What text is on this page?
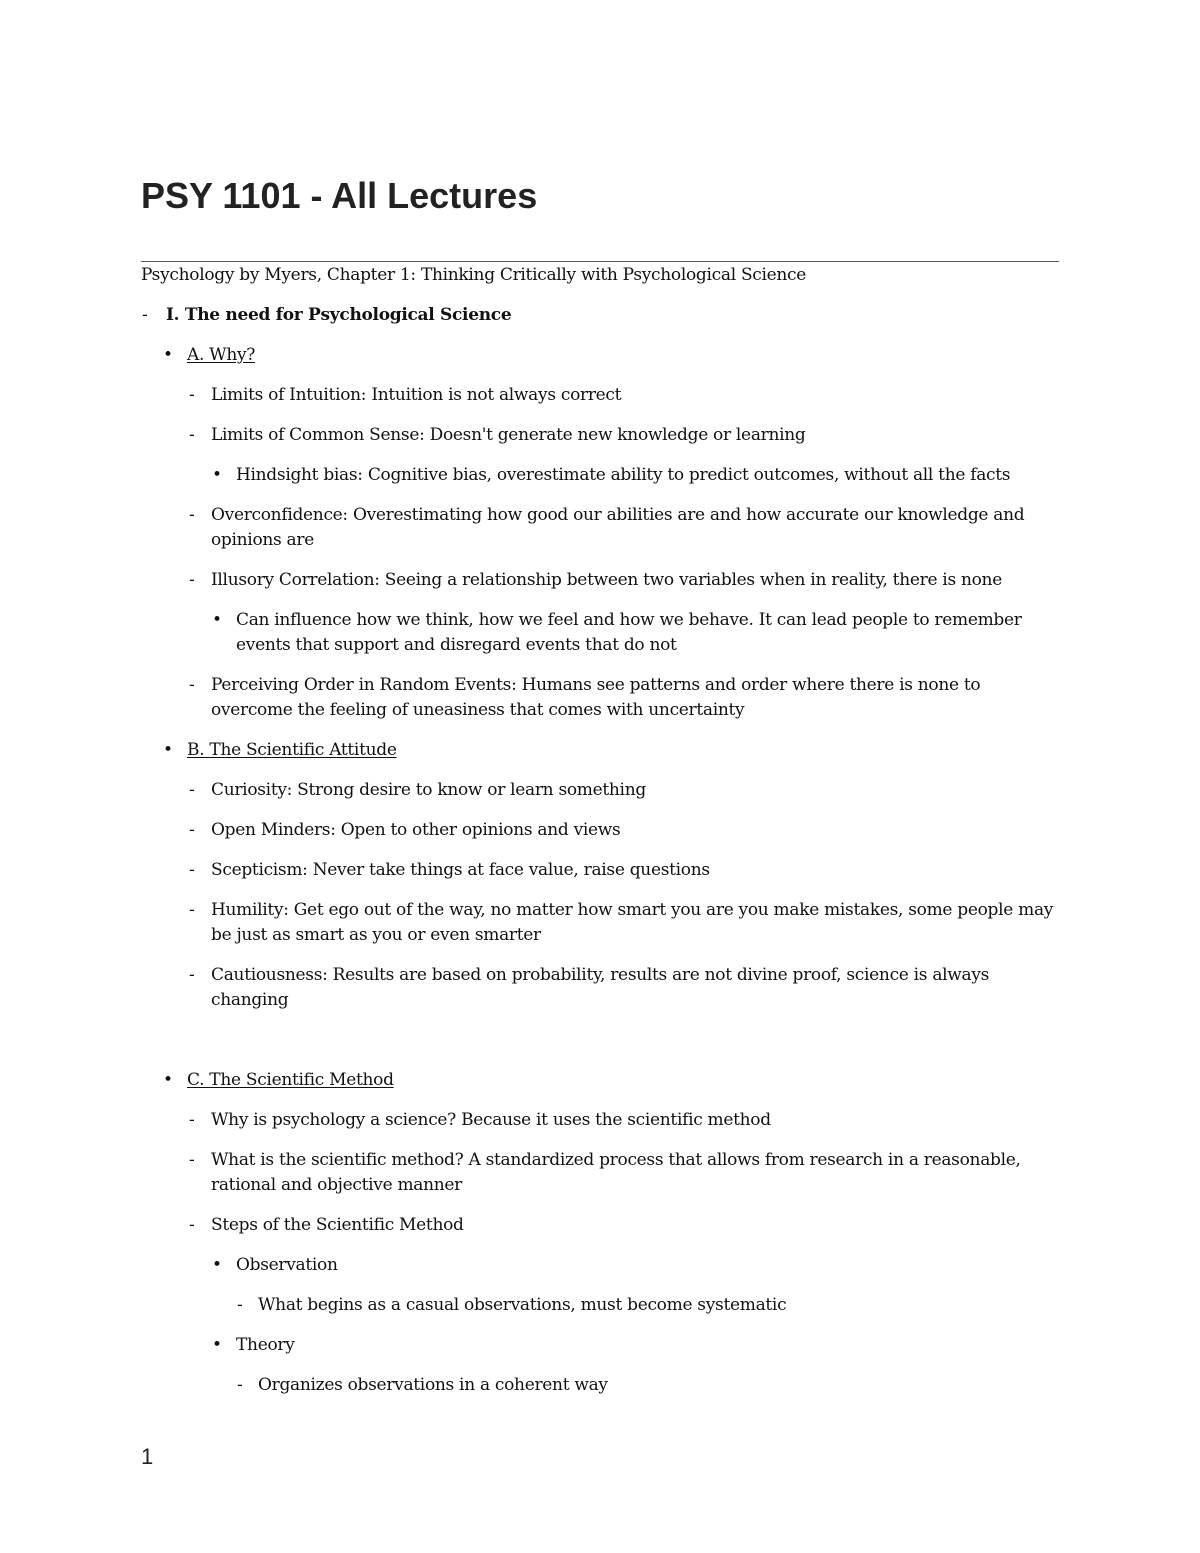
PSY 1101 - All Lectures

Psychology by Myers, Chapter 1: Thinking Critically with Psychological Science

- I. The need for Psychological Science
• A. Why?
- Limits of Intuition: Intuition is not always correct
- Limits of Common Sense: Doesn't generate new knowledge or learning
• Hindsight bias: Cognitive bias, overestimate ability to predict outcomes, without all the facts
- Overconfidence: Overestimating how good our abilities are and how accurate our knowledge and opinions are
- Illusory Correlation: Seeing a relationship between two variables when in reality, there is none
• Can influence how we think, how we feel and how we behave. It can lead people to remember events that support and disregard events that do not
- Perceiving Order in Random Events: Humans see patterns and order where there is none to overcome the feeling of uneasiness that comes with uncertainty
• B. The Scientific Attitude
- Curiosity: Strong desire to know or learn something
- Open Minders: Open to other opinions and views
- Scepticism: Never take things at face value, raise questions
- Humility: Get ego out of the way, no matter how smart you are you make mistakes, some people may be just as smart as you or even smarter
- Cautiousness: Results are based on probability, results are not divine proof, science is always changing
• C. The Scientific Method
- Why is psychology a science? Because it uses the scientific method
- What is the scientific method? A standardized process that allows from research in a reasonable, rational and objective manner
- Steps of the Scientific Method
• Observation
- What begins as a casual observations, must become systematic
• Theory
- Organizes observations in a coherent way
1
